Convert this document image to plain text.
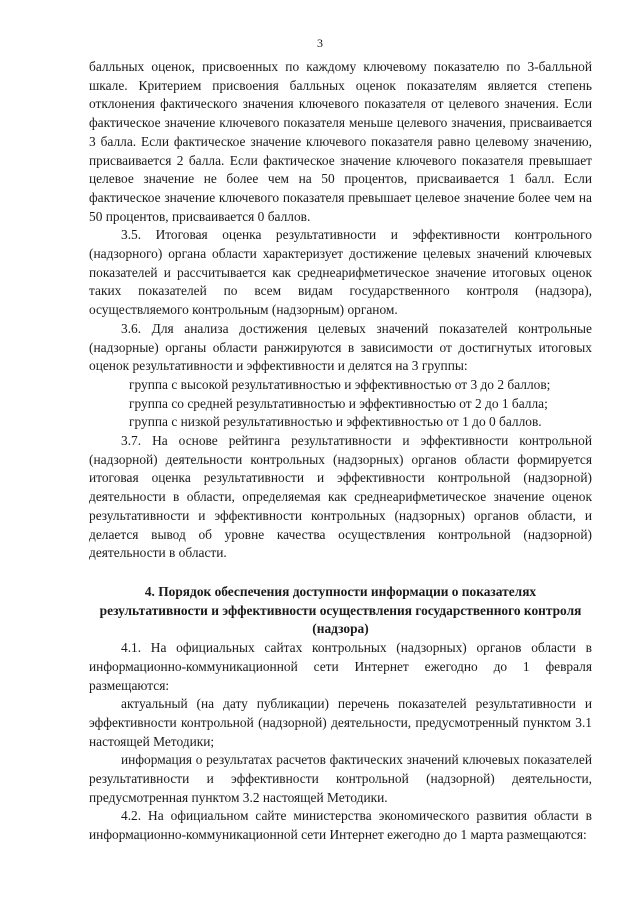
3

балльных оценок, присвоенных по каждому ключевому показателю по 3-балльной шкале. Критерием присвоения балльных оценок показателям является степень отклонения фактического значения ключевого показателя от целевого значения. Если фактическое значение ключевого показателя меньше целевого значения, присваивается 3 балла. Если фактическое значение ключевого показателя равно целевому значению, присваивается 2 балла. Если фактическое значение ключевого показателя превышает целевое значение не более чем на 50 процентов, присваивается 1 балл. Если фактическое значение ключевого показателя превышает целевое значение более чем на 50 процентов, присваивается 0 баллов.

3.5. Итоговая оценка результативности и эффективности контрольного (надзорного) органа области характеризует достижение целевых значений ключевых показателей и рассчитывается как среднеарифметическое значение итоговых оценок таких показателей по всем видам государственного контроля (надзора), осуществляемого контрольным (надзорным) органом.

3.6. Для анализа достижения целевых значений показателей контрольные (надзорные) органы области ранжируются в зависимости от достигнутых итоговых оценок результативности и эффективности и делятся на 3 группы:

группа с высокой результативностью и эффективностью от 3 до 2 баллов;

группа со средней результативностью и эффективностью от 2 до 1 балла;

группа с низкой результативностью и эффективностью от 1 до 0 баллов.

3.7. На основе рейтинга результативности и эффективности контрольной (надзорной) деятельности контрольных (надзорных) органов области формируется итоговая оценка результативности и эффективности контрольной (надзорной) деятельности в области, определяемая как среднеарифметическое значение оценок результативности и эффективности контрольных (надзорных) органов области, и делается вывод об уровне качества осуществления контрольной (надзорной) деятельности в области.

4. Порядок обеспечения доступности информации о показателях результативности и эффективности осуществления государственного контроля (надзора)

4.1. На официальных сайтах контрольных (надзорных) органов области в информационно-коммуникационной сети Интернет ежегодно до 1 февраля размещаются:

актуальный (на дату публикации) перечень показателей результативности и эффективности контрольной (надзорной) деятельности, предусмотренный пунктом 3.1 настоящей Методики;

информация о результатах расчетов фактических значений ключевых показателей результативности и эффективности контрольной (надзорной) деятельности, предусмотренная пунктом 3.2 настоящей Методики.

4.2. На официальном сайте министерства экономического развития области в информационно-коммуникационной сети Интернет ежегодно до 1 марта размещаются:
